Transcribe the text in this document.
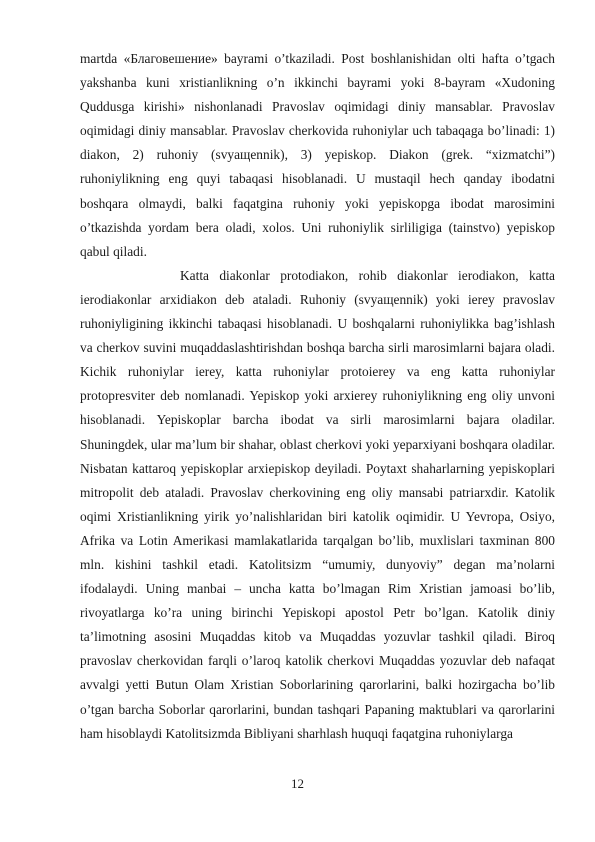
martda «Благовешение» bayrami o’tkaziladi. Post boshlanishidan olti hafta o’tgach yakshanba kuni xristianlikning o’n ikkinchi bayrami yoki 8-bayram «Xudoning Quddusga kirishi» nishonlanadi Pravoslav oqimidagi diniy mansablar. Pravoslav oqimidagi diniy mansablar. Pravoslav cherkovida ruhoniylar uch tabaqaga bo’linadi: 1) diakon, 2) ruhoniy (svyaщennik), 3) yepiskop. Diakon (grek. “xizmatchi”) ruhoniylikning eng quyi tabaqasi hisoblanadi. U mustaqil hech qanday ibodatni boshqara olmaydi, balki faqatgina ruhoniy yoki yepiskopga ibodat marosimini o’tkazishda yordam bera oladi, xolos. Uni ruhoniylik sirliligiga (tainstvo) yepiskop qabul qiladi.

Katta diakonlar protodiakon, rohib diakonlar ierodiakon, katta ierodiakonlar arxidiakon deb ataladi. Ruhoniy (svyaщennik) yoki ierey pravoslav ruhoniyligining ikkinchi tabaqasi hisoblanadi. U boshqalarni ruhoniylikka bag’ishlash va cherkov suvini muqaddaslashtirishdan boshqa barcha sirli marosimlarni bajara oladi. Kichik ruhoniylar ierey, katta ruhoniylar protoierey va eng katta ruhoniylar protopresviter deb nomlanadi. Yepiskop yoki arxierey ruhoniylikning eng oliy unvoni hisoblanadi. Yepiskoplar barcha ibodat va sirli marosimlarni bajara oladilar. Shuningdek, ular ma’lum bir shahar, oblast cherkovi yoki yeparxiyani boshqara oladilar. Nisbatan kattaroq yepiskoplar arxiepiskop deyiladi. Poytaxt shaharlarning yepiskoplari mitropolit deb ataladi. Pravoslav cherkovining eng oliy mansabi patriarxdir. Katolik oqimi Xristianlikning yirik yo’nalishlaridan biri katolik oqimidir. U Yevropa, Osiyo, Afrika va Lotin Amerikasi mamlakatlarida tarqalgan bo’lib, muxlislari taxminan 800 mln. kishini tashkil etadi. Katolitsizm “umumiy, dunyoviy” degan ma’nolarni ifodalaydi. Uning manbai – uncha katta bo’lmagan Rim Xristian jamoasi bo’lib, rivoyatlarga ko’ra uning birinchi Yepiskopi apostol Petr bo’lgan. Katolik diniy ta’limotning asosini Muqaddas kitob va Muqaddas yozuvlar tashkil qiladi. Biroq pravoslav cherkovidan farqli o’laroq katolik cherkovi Muqaddas yozuvlar deb nafaqat avvalgi yetti Butun Olam Xristian Soborlarining qarorlarini, balki hozirgacha bo’lib o’tgan barcha Soborlar qarorlarini, bundan tashqari Papaning maktublari va qarorlarini ham hisoblaydi Katolitsizmda Bibliyani sharhlash huquqi faqatgina ruhoniylarga

12
